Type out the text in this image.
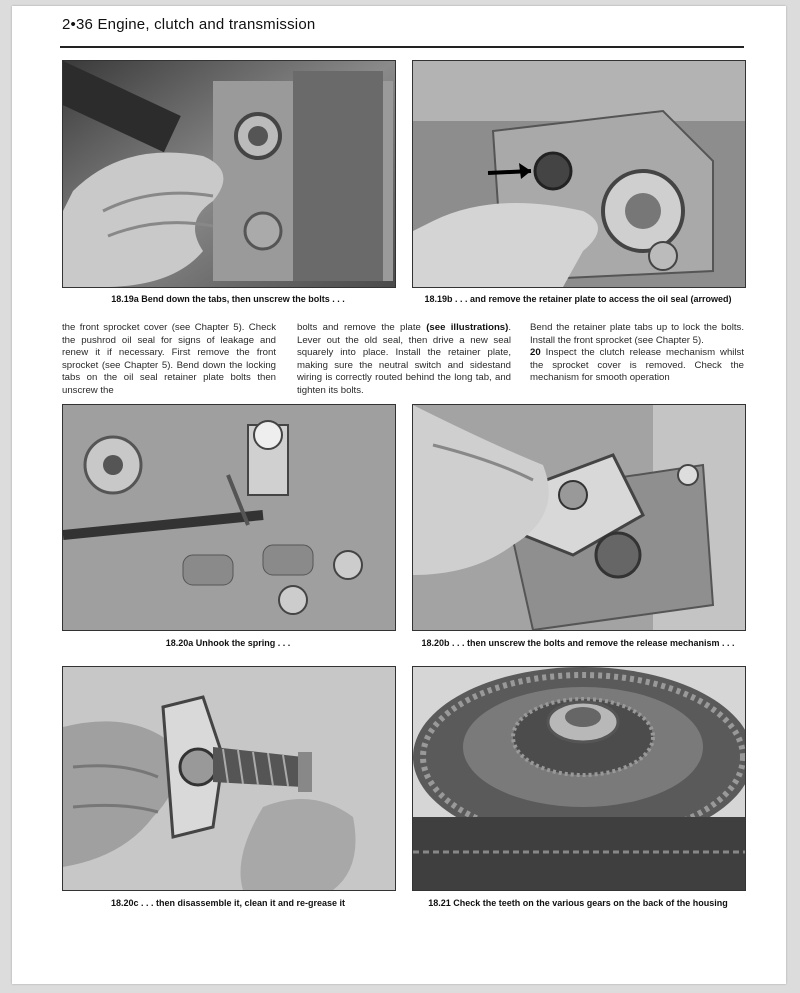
2•36 Engine, clutch and transmission
18.19a Bend down the tabs, then unscrew the bolts . . .	18.19b . . . and remove the retainer plate to access the oil seal (arrowed)

the front sprocket cover (see Chapter 5). Check the pushrod oil seal for signs of leakage and renew it if necessary. First remove the front sprocket (see Chapter 5). Bend down the locking tabs on the oil seal retainer plate bolts then unscrew the

bolts and remove the plate (see illustrations). Lever out the old seal, then drive a new seal squarely into place. Install the retainer plate, making sure the neutral switch and sidestand wiring is correctly routed behind the long tab, and tighten its bolts.

Bend the retainer plate tabs up to lock the bolts. Install the front sprocket (see Chapter 5).
20 Inspect the clutch release mechanism whilst the sprocket cover is removed. Check the mechanism for smooth operation

18.20a Unhook the spring . . .	18.20b . . . then unscrew the bolts and remove the release mechanism . . .
18.20c . . . then disassemble it, clean it and re-grease it	18.21 Check the teeth on the various gears on the back of the housing
